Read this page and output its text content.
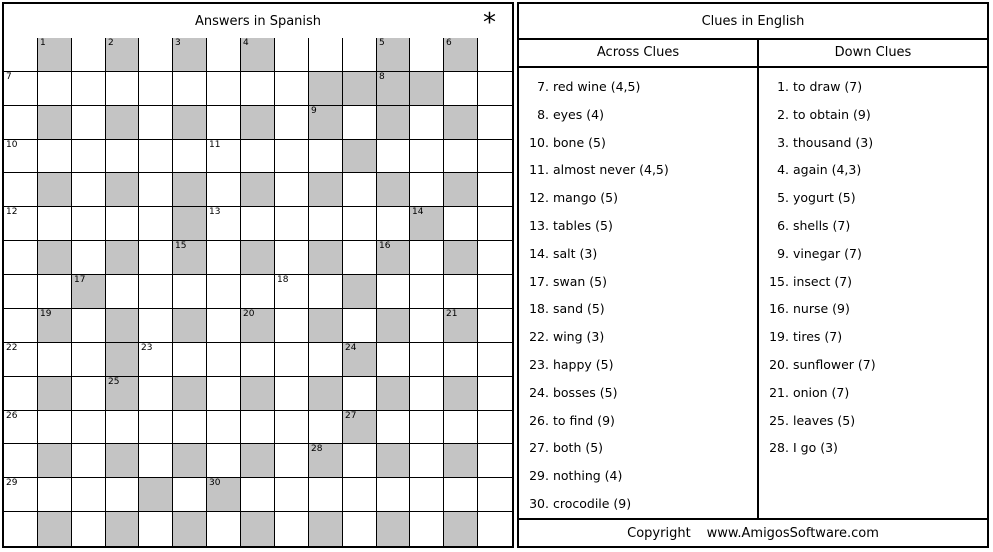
Answers in Spanish	*
1	2	3	4	5	6
7	8
9
10	11
12	13	14
15	16
17	18
19	20	21
22	23	24
25
26	27
28
29	30
Clues in English
Across Clues	Down Clues
7. red wine (4,5)
8. eyes (4)
10. bone (5)
11. almost never (4,5)
12. mango (5)
13. tables (5)
14. salt (3)
17. swan (5)
18. sand (5)
22. wing (3)
23. happy (5)
24. bosses (5)
26. to find (9)
27. both (5)
29. nothing (4)
30. crocodile (9)
1. to draw (7)
2. to obtain (9)
3. thousand (3)
4. again (4,3)
5. yogurt (5)
6. shells (7)
9. vinegar (7)
15. insect (7)
16. nurse (9)
19. tires (7)
20. sunflower (7)
21. onion (7)
25. leaves (5)
28. I go (3)
Copyright www.AmigosSoftware.com
